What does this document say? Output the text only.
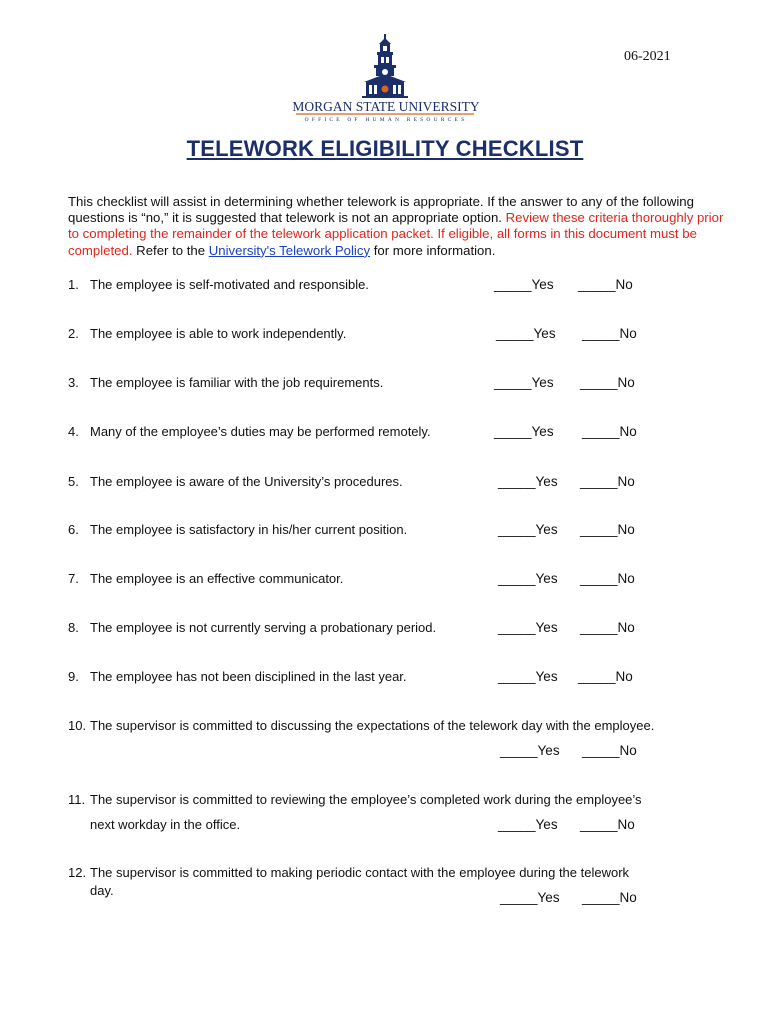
06-2021
MORGAN STATE UNIVERSITY
OFFICE OF HUMAN RESOURCES
TELEWORK ELIGIBILITY CHECKLIST
This checklist will assist in determining whether telework is appropriate. If the answer to any of the following questions is “no,” it is suggested that telework is not an appropriate option. Review these criteria thoroughly prior to completing the remainder of the telework application packet. If eligible, all forms in this document must be completed. Refer to the University's Telework Policy for more information.
1. The employee is self-motivated and responsible.	_____Yes _____No
2. The employee is able to work independently.	_____Yes _____No
3. The employee is familiar with the job requirements.	_____Yes _____No
4. Many of the employee’s duties may be performed remotely.	_____Yes _____No
5. The employee is aware of the University’s procedures.	_____Yes _____No
6. The employee is satisfactory in his/her current position.	_____Yes _____No
7. The employee is an effective communicator.	_____Yes _____No
8. The employee is not currently serving a probationary period.	_____Yes _____No
9. The employee has not been disciplined in the last year.	_____Yes _____No
10. The supervisor is committed to discussing the expectations of the telework day with the employee.
_____Yes _____No
11. The supervisor is committed to reviewing the employee’s completed work during the employee’s
next workday in the office.	_____Yes _____No
12. The supervisor is committed to making periodic contact with the employee during the telework
day.	_____Yes _____No
